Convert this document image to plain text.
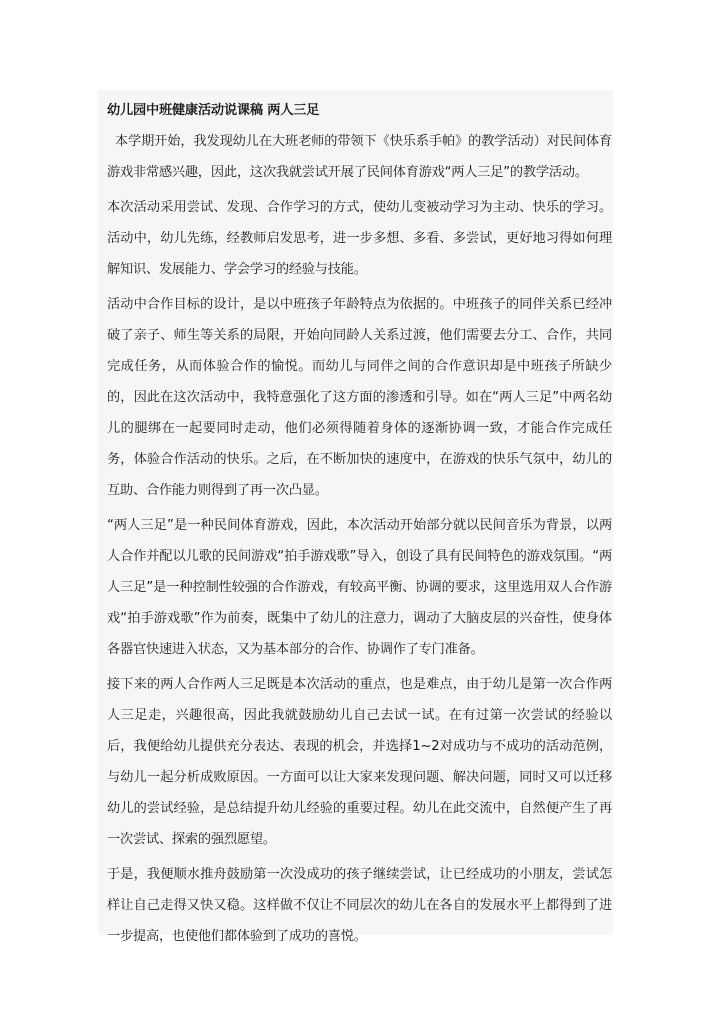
幼儿园中班健康活动说课稿 两人三足

本学期开始，我发现幼儿在大班老师的带领下《快乐系手帕》的教学活动）对民间体育游戏非常感兴趣，因此，这次我就尝试开展了民间体育游戏“两人三足”的教学活动。

本次活动采用尝试、发现、合作学习的方式，使幼儿变被动学习为主动、快乐的学习。活动中，幼儿先练，经教师启发思考，进一步多想、多看、多尝试，更好地习得如何理解知识、发展能力、学会学习的经验与技能。

活动中合作目标的设计，是以中班孩子年龄特点为依据的。中班孩子的同伴关系已经冲破了亲子、师生等关系的局限，开始向同龄人关系过渡，他们需要去分工、合作，共同完成任务，从而体验合作的愉悦。而幼儿与同伴之间的合作意识却是中班孩子所缺少的，因此在这次活动中，我特意强化了这方面的渗透和引导。如在“两人三足”中两名幼儿的腿绑在一起要同时走动，他们必须得随着身体的逐渐协调一致，才能合作完成任务，体验合作活动的快乐。之后，在不断加快的速度中，在游戏的快乐气氛中，幼儿的互助、合作能力则得到了再一次凸显。

“两人三足”是一种民间体育游戏，因此，本次活动开始部分就以民间音乐为背景，以两人合作并配以儿歌的民间游戏“拍手游戏歌”导入，创设了具有民间特色的游戏氛围。“两人三足”是一种控制性较强的合作游戏，有较高平衡、协调的要求，这里选用双人合作游戏“拍手游戏歌”作为前奏，既集中了幼儿的注意力，调动了大脑皮层的兴奋性，使身体各器官快速进入状态，又为基本部分的合作、协调作了专门准备。

接下来的两人合作两人三足既是本次活动的重点，也是难点，由于幼儿是第一次合作两人三足走，兴趣很高，因此我就鼓励幼儿自己去试一试。在有过第一次尝试的经验以后，我便给幼儿提供充分表达、表现的机会，并选择1~2对成功与不成功的活动范例，与幼儿一起分析成败原因。一方面可以让大家来发现问题、解决问题，同时又可以迁移幼儿的尝试经验，是总结提升幼儿经验的重要过程。幼儿在此交流中，自然便产生了再一次尝试、探索的强烈愿望。

于是，我便顺水推舟鼓励第一次没成功的孩子继续尝试，让已经成功的小朋友，尝试怎样让自己走得又快又稳。这样做不仅让不同层次的幼儿在各自的发展水平上都得到了进一步提高，也使他们都体验到了成功的喜悦。
